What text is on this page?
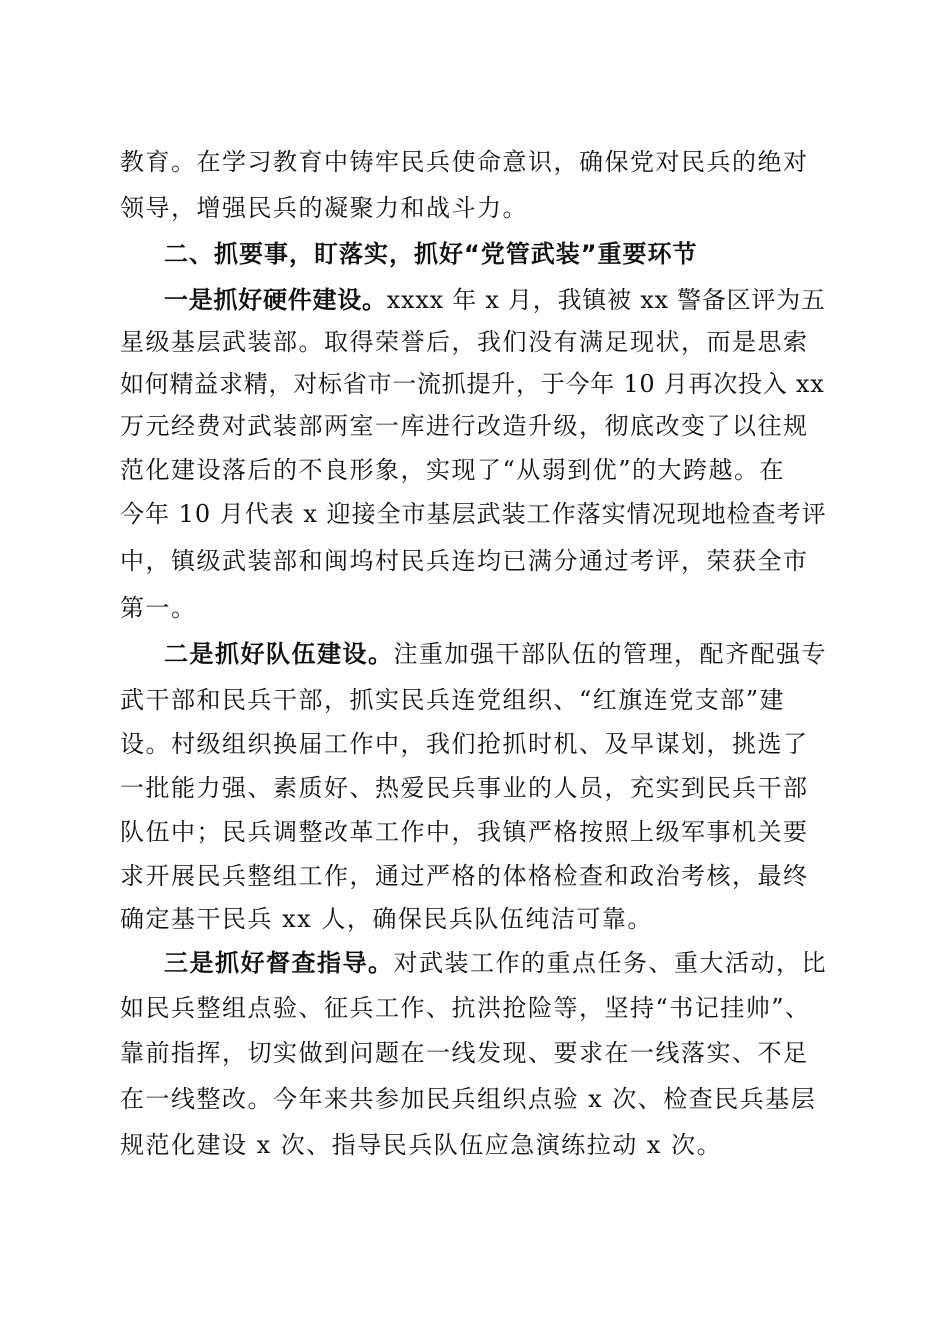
教育。在学习教育中铸牢民兵使命意识，确保党对民兵的绝对
领导，增强民兵的凝聚力和战斗力。
二、抓要事，盯落实，抓好“党管武装”重要环节
一是抓好硬件建设。xxxx 年 x 月，我镇被 xx 警备区评为五
星级基层武装部。取得荣誉后，我们没有满足现状，而是思索
如何精益求精，对标省市一流抓提升，于今年 10 月再次投入 xx
万元经费对武装部两室一库进行改造升级，彻底改变了以往规
范化建设落后的不良形象，实现了“从弱到优”的大跨越。在
今年 10 月代表 x 迎接全市基层武装工作落实情况现地检查考评
中，镇级武装部和闽坞村民兵连均已满分通过考评，荣获全市
第一。
二是抓好队伍建设。注重加强干部队伍的管理，配齐配强专
武干部和民兵干部，抓实民兵连党组织、“红旗连党支部”建
设。村级组织换届工作中，我们抢抓时机、及早谋划，挑选了
一批能力强、素质好、热爱民兵事业的人员，充实到民兵干部
队伍中；民兵调整改革工作中，我镇严格按照上级军事机关要
求开展民兵整组工作，通过严格的体格检查和政治考核，最终
确定基干民兵 xx 人，确保民兵队伍纯洁可靠。
三是抓好督查指导。对武装工作的重点任务、重大活动，比
如民兵整组点验、征兵工作、抗洪抢险等，坚持“书记挂帅”、
靠前指挥，切实做到问题在一线发现、要求在一线落实、不足
在一线整改。今年来共参加民兵组织点验 x 次、检查民兵基层
规范化建设 x 次、指导民兵队伍应急演练拉动 x 次。
